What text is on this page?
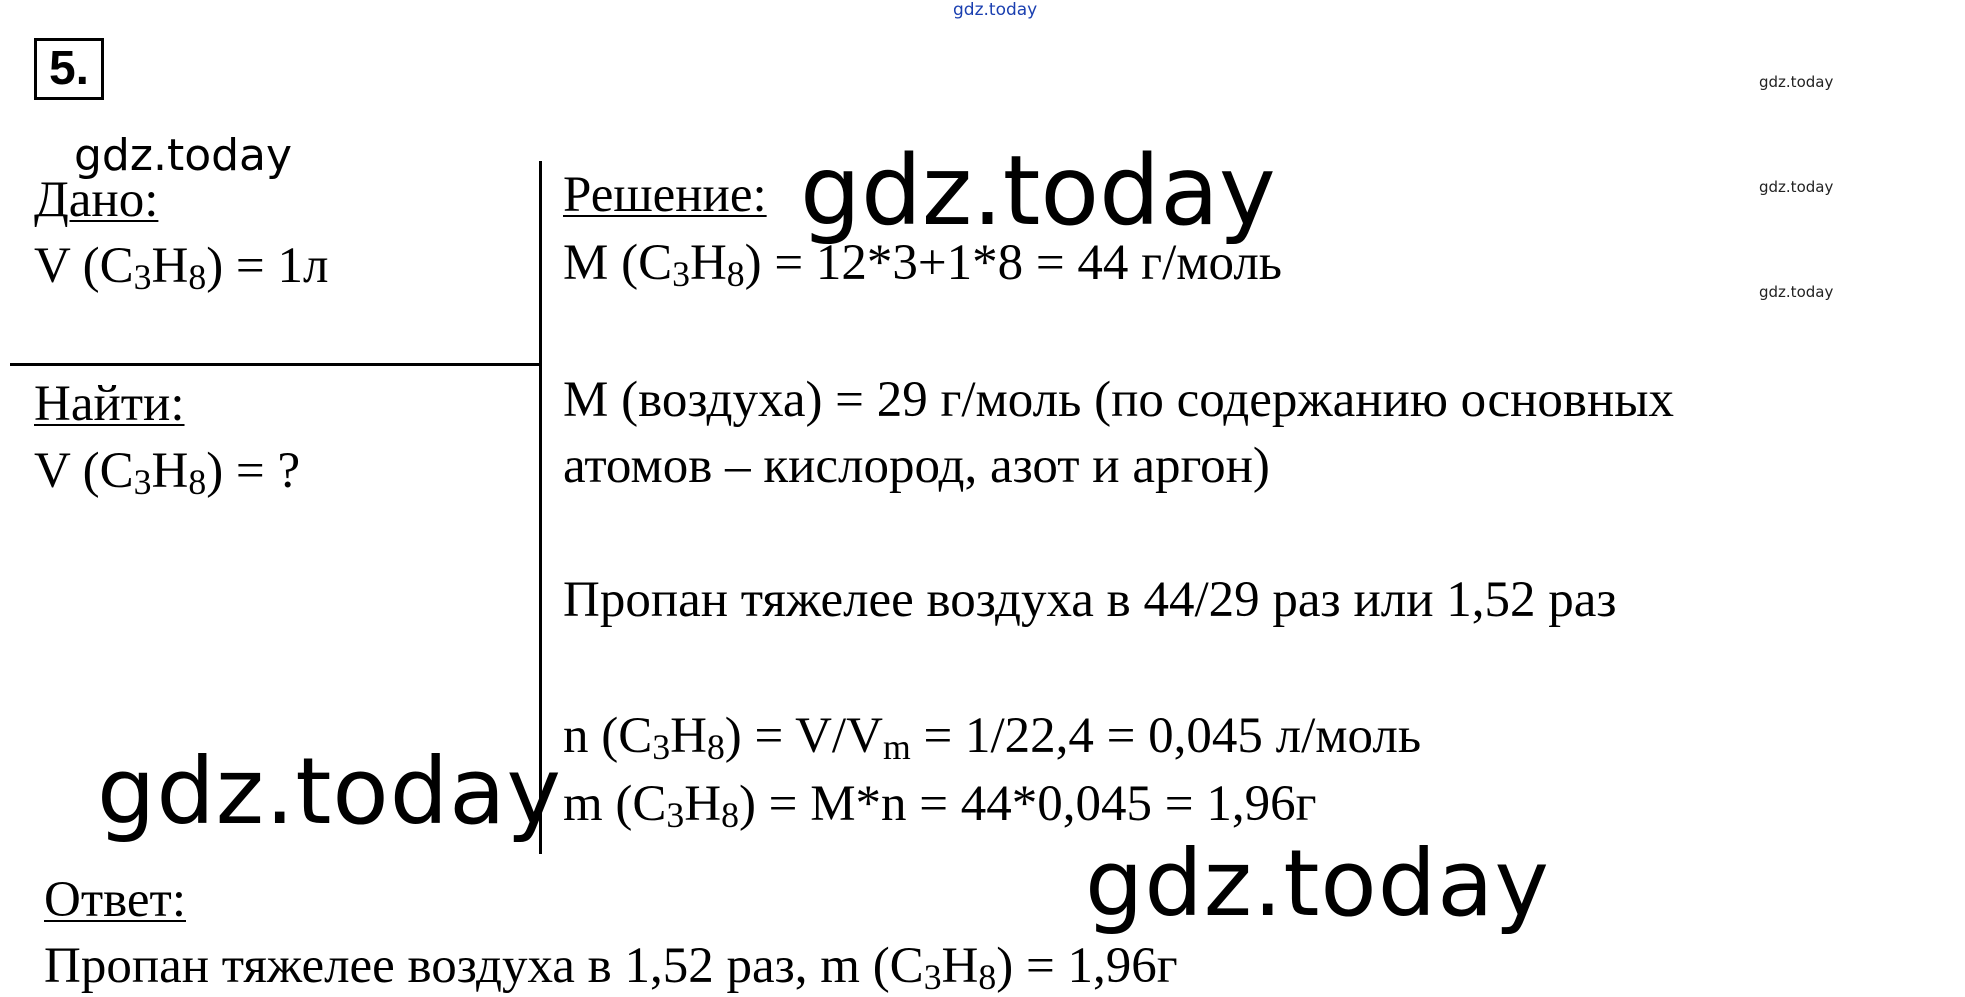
gdz.today
gdz.today
gdz.today
gdz.today
5.
gdz.today
Дано:
V $(C_3H_8) = 1л$
Найти:
V $(C_3H_8)$ = ?
Решение: gdz.today
M $(C_3H_8) = 12*3+1*8 = 44$ г/моль
M (воздуха) = 29 г/моль (по содержанию основных
атомов – кислород, азот и аргон)
Пропан тяжелее воздуха в 44/29 раз или 1,52 раз
n $(C_3H_8) = V/V_m = 1/22,4 = 0,045$ л/моль
m $(C_3H_8) = M*n = 44*0,045 = 1,96г$
gdz.today
gdz.today
Ответ:
Пропан тяжелее воздуха в 1,52 раз, m $(C_3H_8) = 1,96г$
